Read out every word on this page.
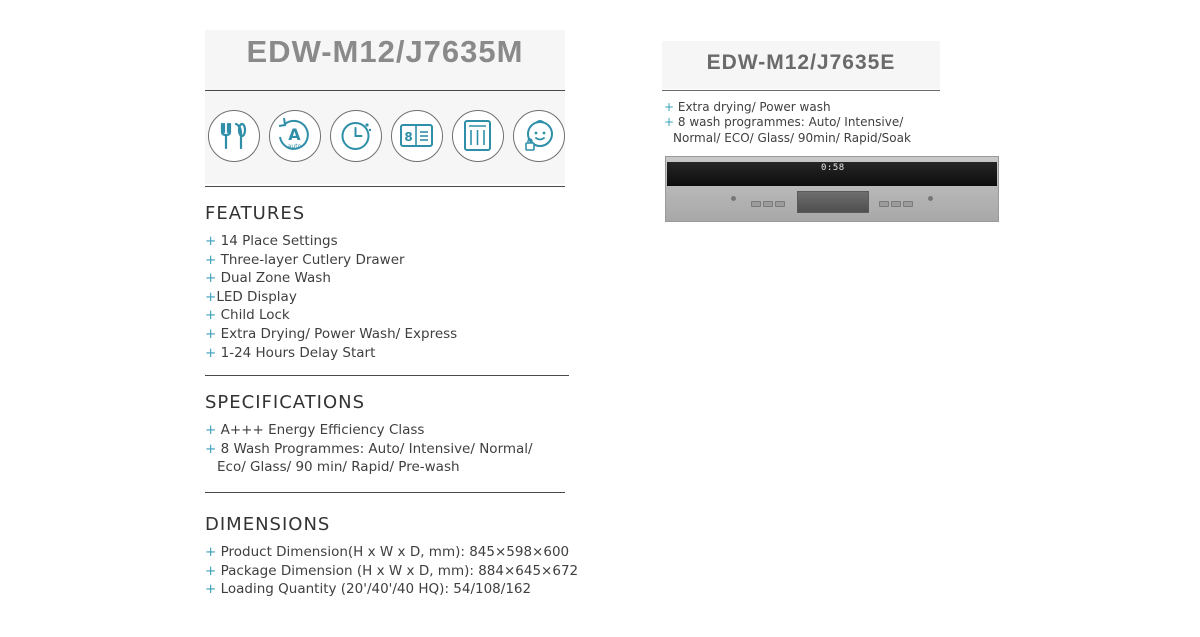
EDW-M12/J7635M
A
auto
8
FEATURES
+ 14 Place Settings
+ Three-layer Cutlery Drawer
+ Dual Zone Wash
+LED Display
+ Child Lock
+ Extra Drying/ Power Wash/ Express
+ 1-24 Hours Delay Start
SPECIFICATIONS
+ A+++ Energy Efficiency Class
+ 8 Wash Programmes: Auto/ Intensive/ Normal/
Eco/ Glass/ 90 min/ Rapid/ Pre-wash
DIMENSIONS
+ Product Dimension(H x W x D, mm): 845×598×600
+ Package Dimension (H x W x D, mm): 884×645×672
+ Loading Quantity (20'/40'/40 HQ): 54/108/162
EDW-M12/J7635E
+ Extra drying/ Power wash
+ 8 wash programmes: Auto/ Intensive/
Normal/ ECO/ Glass/ 90min/ Rapid/Soak
0:58
